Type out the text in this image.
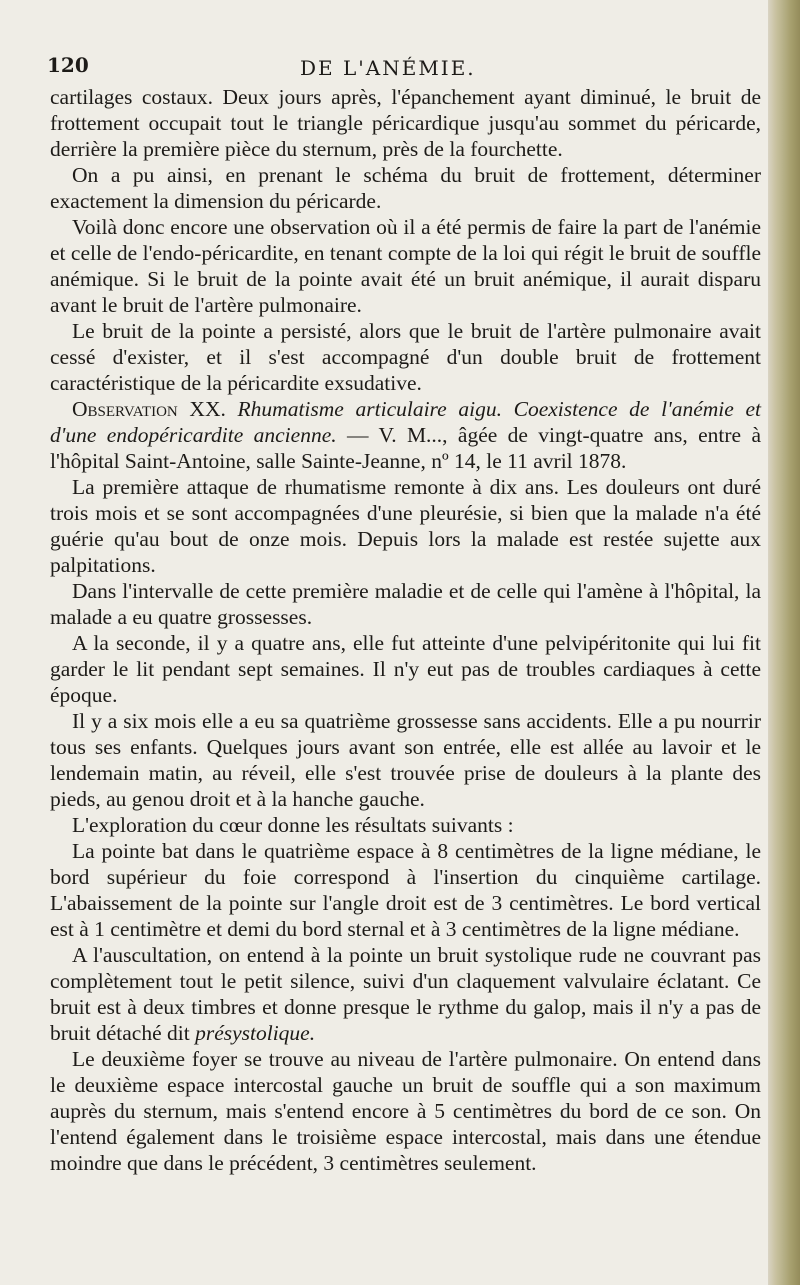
120	DE L'ANÉMIE.

cartilages costaux. Deux jours après, l'épanchement ayant diminué, le bruit de frottement occupait tout le triangle péricardique jusqu'au sommet du péricarde, derrière la première pièce du sternum, près de la fourchette.

On a pu ainsi, en prenant le schéma du bruit de frottement, déterminer exactement la dimension du péricarde.

Voilà donc encore une observation où il a été permis de faire la part de l'anémie et celle de l'endo-péricardite, en tenant compte de la loi qui régit le bruit de souffle anémique. Si le bruit de la pointe avait été un bruit anémique, il aurait disparu avant le bruit de l'artère pulmonaire.

Le bruit de la pointe a persisté, alors que le bruit de l'artère pulmonaire avait cessé d'exister, et il s'est accompagné d'un double bruit de frottement caractéristique de la péricardite exsudative.

Observation XX. Rhumatisme articulaire aigu. Coexistence de l'anémie et d'une endopéricardite ancienne. — V. M..., âgée de vingt-quatre ans, entre à l'hôpital Saint-Antoine, salle Sainte-Jeanne, nº 14, le 11 avril 1878.

La première attaque de rhumatisme remonte à dix ans. Les douleurs ont duré trois mois et se sont accompagnées d'une pleurésie, si bien que la malade n'a été guérie qu'au bout de onze mois. Depuis lors la malade est restée sujette aux palpitations.

Dans l'intervalle de cette première maladie et de celle qui l'amène à l'hôpital, la malade a eu quatre grossesses.

A la seconde, il y a quatre ans, elle fut atteinte d'une pelvipéritonite qui lui fit garder le lit pendant sept semaines. Il n'y eut pas de troubles cardiaques à cette époque.

Il y a six mois elle a eu sa quatrième grossesse sans accidents. Elle a pu nourrir tous ses enfants. Quelques jours avant son entrée, elle est allée au lavoir et le lendemain matin, au réveil, elle s'est trouvée prise de douleurs à la plante des pieds, au genou droit et à la hanche gauche.

L'exploration du cœur donne les résultats suivants :

La pointe bat dans le quatrième espace à 8 centimètres de la ligne médiane, le bord supérieur du foie correspond à l'insertion du cinquième cartilage. L'abaissement de la pointe sur l'angle droit est de 3 centimètres. Le bord vertical est à 1 centimètre et demi du bord sternal et à 3 centimètres de la ligne médiane.

A l'auscultation, on entend à la pointe un bruit systolique rude ne couvrant pas complètement tout le petit silence, suivi d'un claquement valvulaire éclatant. Ce bruit est à deux timbres et donne presque le rythme du galop, mais il n'y a pas de bruit détaché dit présystolique.

Le deuxième foyer se trouve au niveau de l'artère pulmonaire. On entend dans le deuxième espace intercostal gauche un bruit de souffle qui a son maximum auprès du sternum, mais s'entend encore à 5 centimètres du bord de ce son. On l'entend également dans le troisième espace intercostal, mais dans une étendue moindre que dans le précédent, 3 centimètres seulement.
